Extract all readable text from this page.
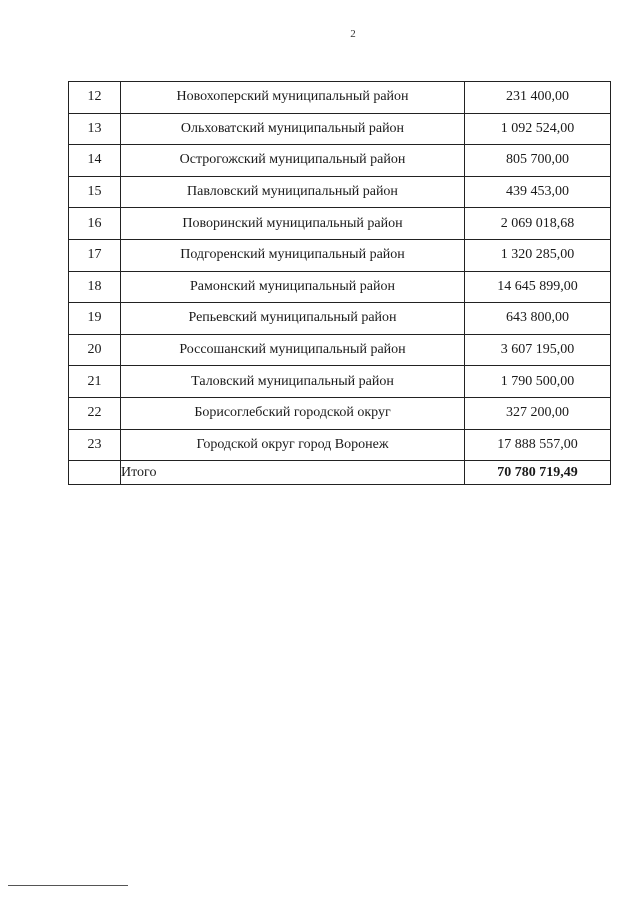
2
12	Новохоперский муниципальный район	231 400,00
13	Ольховатский муниципальный район	1 092 524,00
14	Острогожский муниципальный район	805 700,00
15	Павловский муниципальный район	439 453,00
16	Поворинский муниципальный район	2 069 018,68
17	Подгоренский муниципальный район	1 320 285,00
18	Рамонский муниципальный район	14 645 899,00
19	Репьевский муниципальный район	643 800,00
20	Россошанский муниципальный район	3 607 195,00
21	Таловский муниципальный район	1 790 500,00
22	Борисоглебский городской округ	327 200,00
23	Городской округ город Воронеж	17 888 557,00
	Итого	70 780 719,49
